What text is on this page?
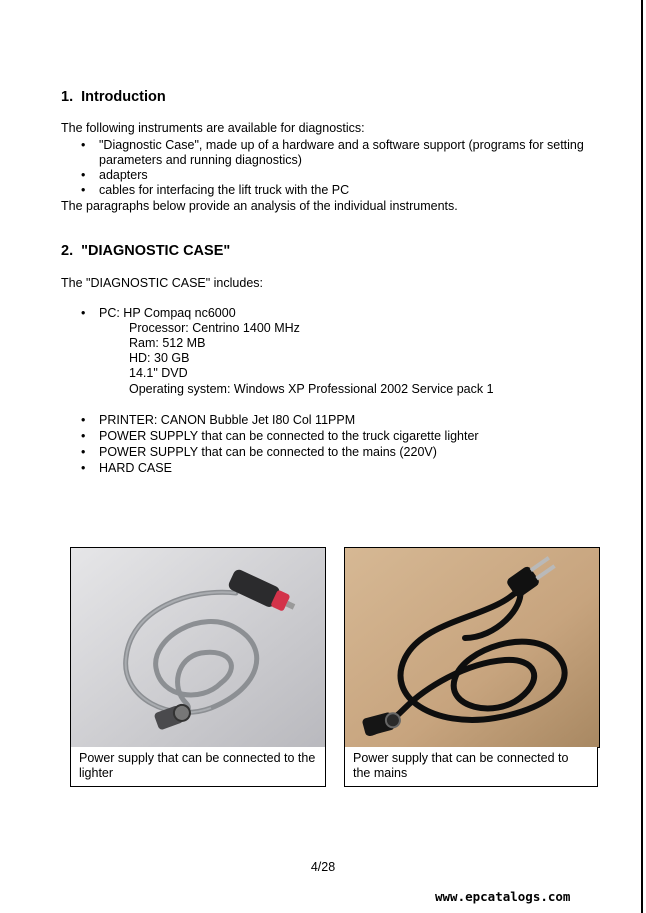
1. Introduction
The following instruments are available for diagnostics:
• "Diagnostic Case", made up of a hardware and a software support (programs for setting parameters and running diagnostics)
• adapters
• cables for interfacing the lift truck with the PC
The paragraphs below provide an analysis of the individual instruments.
2. "DIAGNOSTIC CASE"
The "DIAGNOSTIC CASE" includes:
• PC: HP Compaq nc6000
Processor: Centrino 1400 MHz
Ram: 512 MB
HD: 30 GB
14.1" DVD
Operating system: Windows XP Professional 2002 Service pack 1
• PRINTER: CANON Bubble Jet I80 Col 11PPM
• POWER SUPPLY that can be connected to the truck cigarette lighter
• POWER SUPPLY that can be connected to the mains (220V)
• HARD CASE
Power supply that can be connected to the lighter
Power supply that can be connected to the mains
4/28
www.epcatalogs.com
